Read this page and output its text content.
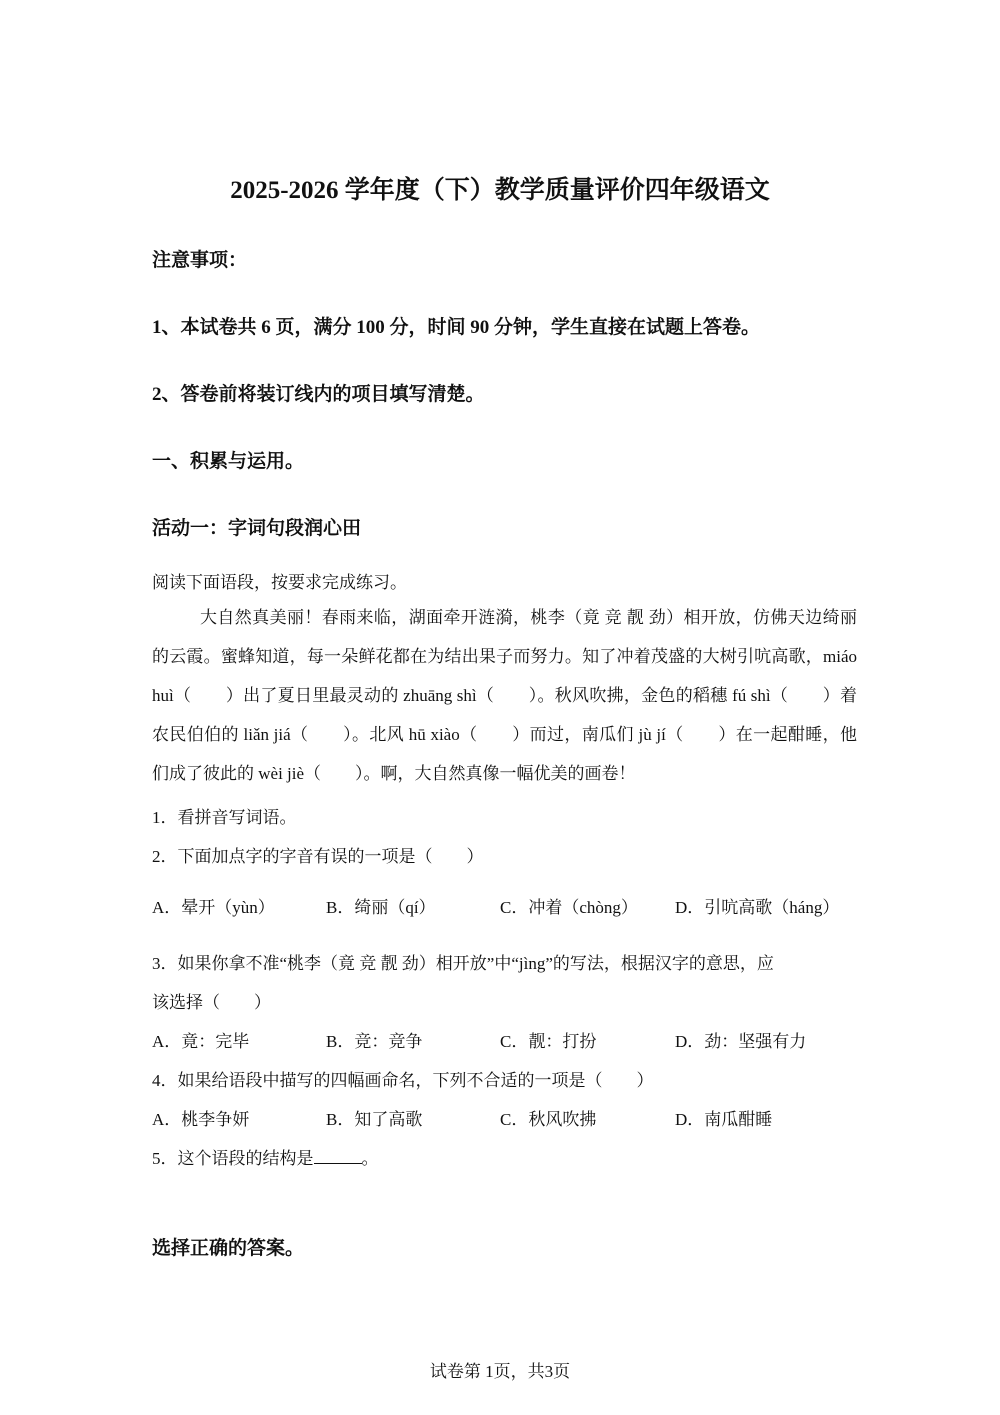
2025-2026 学年度（下）教学质量评价四年级语文
注意事项：
1、本试卷共 6 页，满分 100 分，时间 90 分钟，学生直接在试题上答卷。
2、答卷前将装订线内的项目填写清楚。
一、积累与运用。
活动一：字词句段润心田
阅读下面语段，按要求完成练习。
大自然真美丽！春雨来临，湖面牵开涟漪，桃李（竟 竞 靓 劲）相开放，仿佛天边绮丽的云霞。蜜蜂知道，每一朵鲜花都在为结出果子而努力。知了冲着茂盛的大树引吭高歌，miáo huì（　　）出了夏日里最灵动的 zhuāng shì（　　）。秋风吹拂，金色的稻穗 fú shì（　　）着农民伯伯的 liǎn jiá（　　）。北风 hū xiào（　　）而过，南瓜们 jù jí（　　）在一起酣睡，他们成了彼此的 wèi jiè（　　）。啊，大自然真像一幅优美的画卷！
1．看拼音写词语。
2．下面加点字的字音有误的一项是（　　）
A．晕开（yùn）	B．绮丽（qí）	C．冲着（chòng） D．引吭高歌（háng）
3．如果你拿不准“桃李（竟 竞 靓 劲）相开放”中“jìng”的写法，根据汉字的意思，应
该选择（　　）
A．竟：完毕	B．竞：竞争	C．靓：打扮	D．劲：坚强有力
4．如果给语段中描写的四幅画命名，下列不合适的一项是（　　）
A．桃李争妍	B．知了高歌	C．秋风吹拂	D．南瓜酣睡
5．这个语段的结构是	。
选择正确的答案。
试卷第 1页，共3页
